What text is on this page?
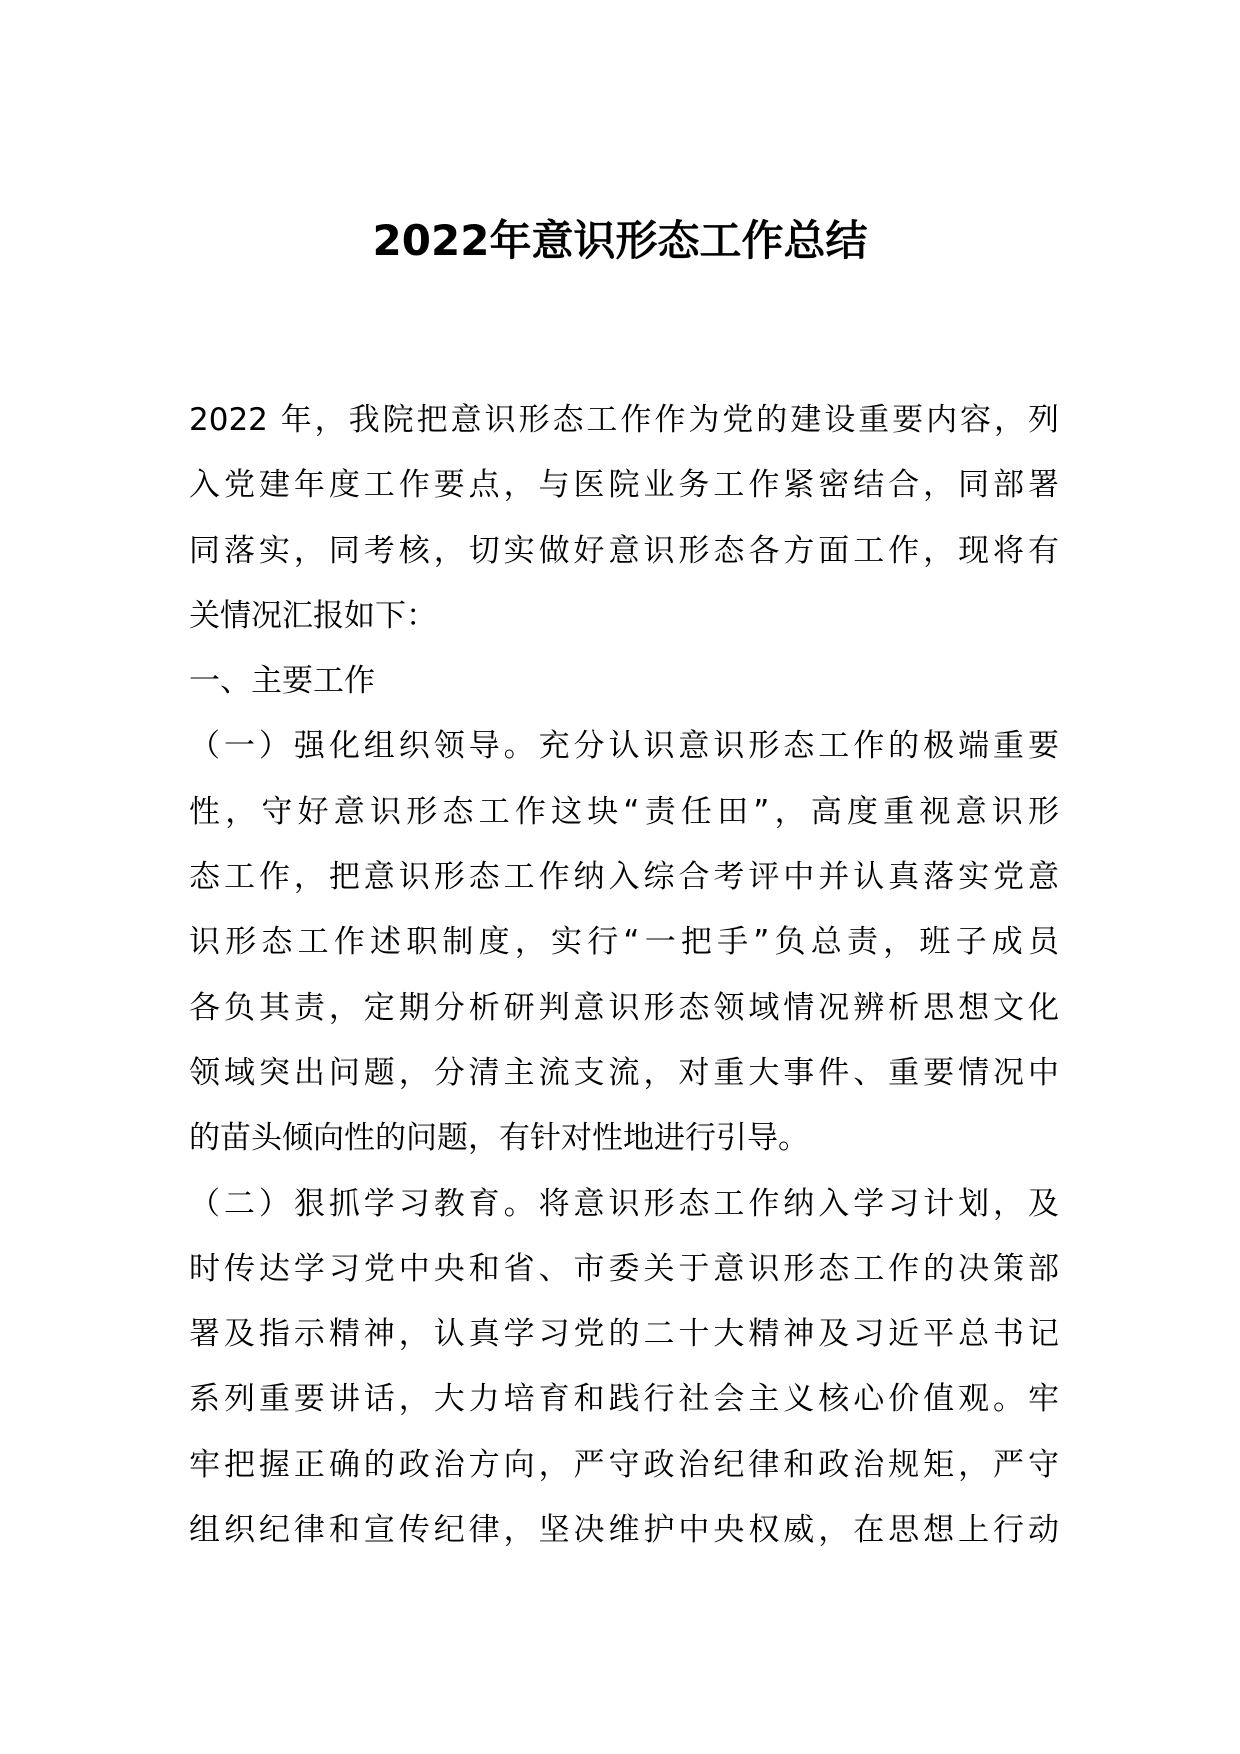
2022年意识形态工作总结
2022 年，我院把意识形态工作作为党的建设重要内容，列
入党建年度工作要点，与医院业务工作紧密结合，同部署
同落实，同考核，切实做好意识形态各方面工作，现将有
关情况汇报如下：
一、主要工作
（一）强化组织领导。充分认识意识形态工作的极端重要
性，守好意识形态工作这块“责任田”，高度重视意识形
态工作，把意识形态工作纳入综合考评中并认真落实党意
识形态工作述职制度，实行“一把手”负总责，班子成员
各负其责，定期分析研判意识形态领域情况辨析思想文化
领域突出问题，分清主流支流，对重大事件、重要情况中
的苗头倾向性的问题，有针对性地进行引导。
（二）狠抓学习教育。将意识形态工作纳入学习计划，及
时传达学习党中央和省、市委关于意识形态工作的决策部
署及指示精神，认真学习党的二十大精神及习近平总书记
系列重要讲话，大力培育和践行社会主义核心价值观。牢
牢把握正确的政治方向，严守政治纪律和政治规矩，严守
组织纪律和宣传纪律，坚决维护中央权威，在思想上行动
